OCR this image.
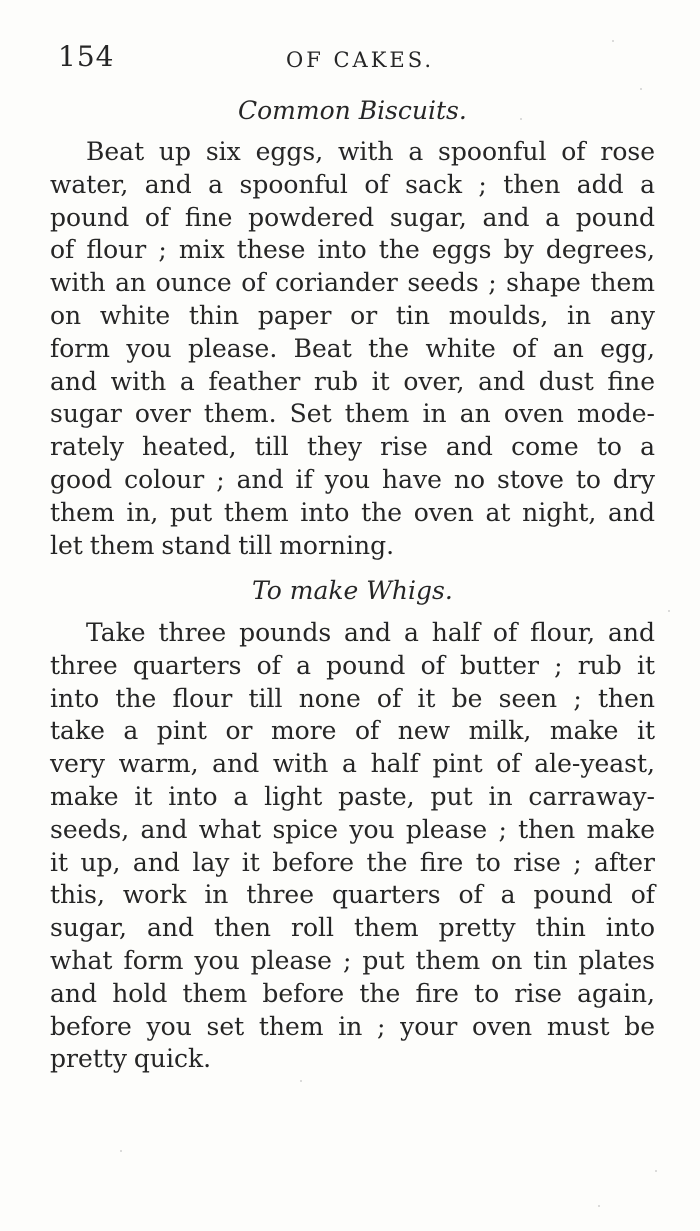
154	OF CAKES.
Common Biscuits.
Beat up six eggs, with a spoonful of rose
water, and a spoonful of sack ; then add a
pound of fine powdered sugar, and a pound
of flour ; mix these into the eggs by degrees,
with an ounce of coriander seeds ; shape them
on white thin paper or tin moulds, in any
form you please. Beat the white of an egg,
and with a feather rub it over, and dust fine
sugar over them. Set them in an oven mode-
rately heated, till they rise and come to a
good colour ; and if you have no stove to dry
them in, put them into the oven at night, and
let them stand till morning.
To make Whigs.
Take three pounds and a half of flour, and
three quarters of a pound of butter ; rub it
into the flour till none of it be seen ; then
take a pint or more of new milk, make it
very warm, and with a half pint of ale-yeast,
make it into a light paste, put in carraway-
seeds, and what spice you please ; then make
it up, and lay it before the fire to rise ; after
this, work in three quarters of a pound of
sugar, and then roll them pretty thin into
what form you please ; put them on tin plates
and hold them before the fire to rise again,
before you set them in ; your oven must be
pretty quick.
